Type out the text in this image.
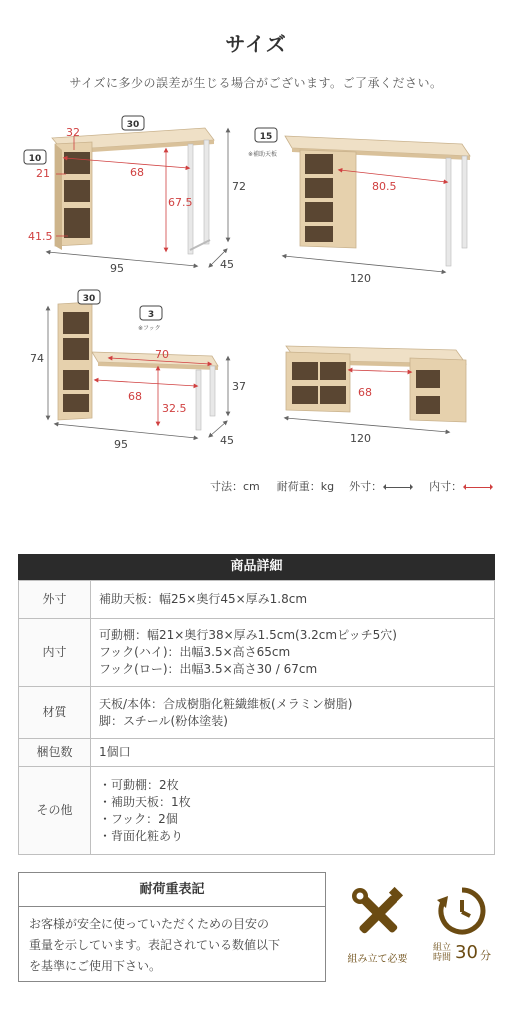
サイズ
サイズに多少の誤差が生じる場合がございます。ご了承ください。
32
21	68
67.5
41.5
72
95	45
30
10
80.5
120
15
※補助天板
74	70
37
68
32.5
95	45
30
3
※フック
68
120
寸法：cm 耐荷重：kg 外寸：	内寸：
商品詳細
外寸	補助天板：幅25×奥行45×厚み1.8cm

内寸	可動棚：幅21×奥行38×厚み1.5cm(3.2cmピッチ5穴)
フック(ハイ)：出幅3.5×高さ65cm
フック(ロー)：出幅3.5×高さ30 / 67cm

材質	天板/本体：合成樹脂化粧繊維板(メラミン樹脂)
脚：スチール(粉体塗装)

梱包数	1個口

その他	・可動棚：2枚
・補助天板：1枚
・フック：2個
・背面化粧あり
耐荷重表記
お客様が安全に使っていただくための目安の
重量を示しています。表記されている数値以下
を基準にご使用下さい。	組み立て必要
組立
時間 30 分
